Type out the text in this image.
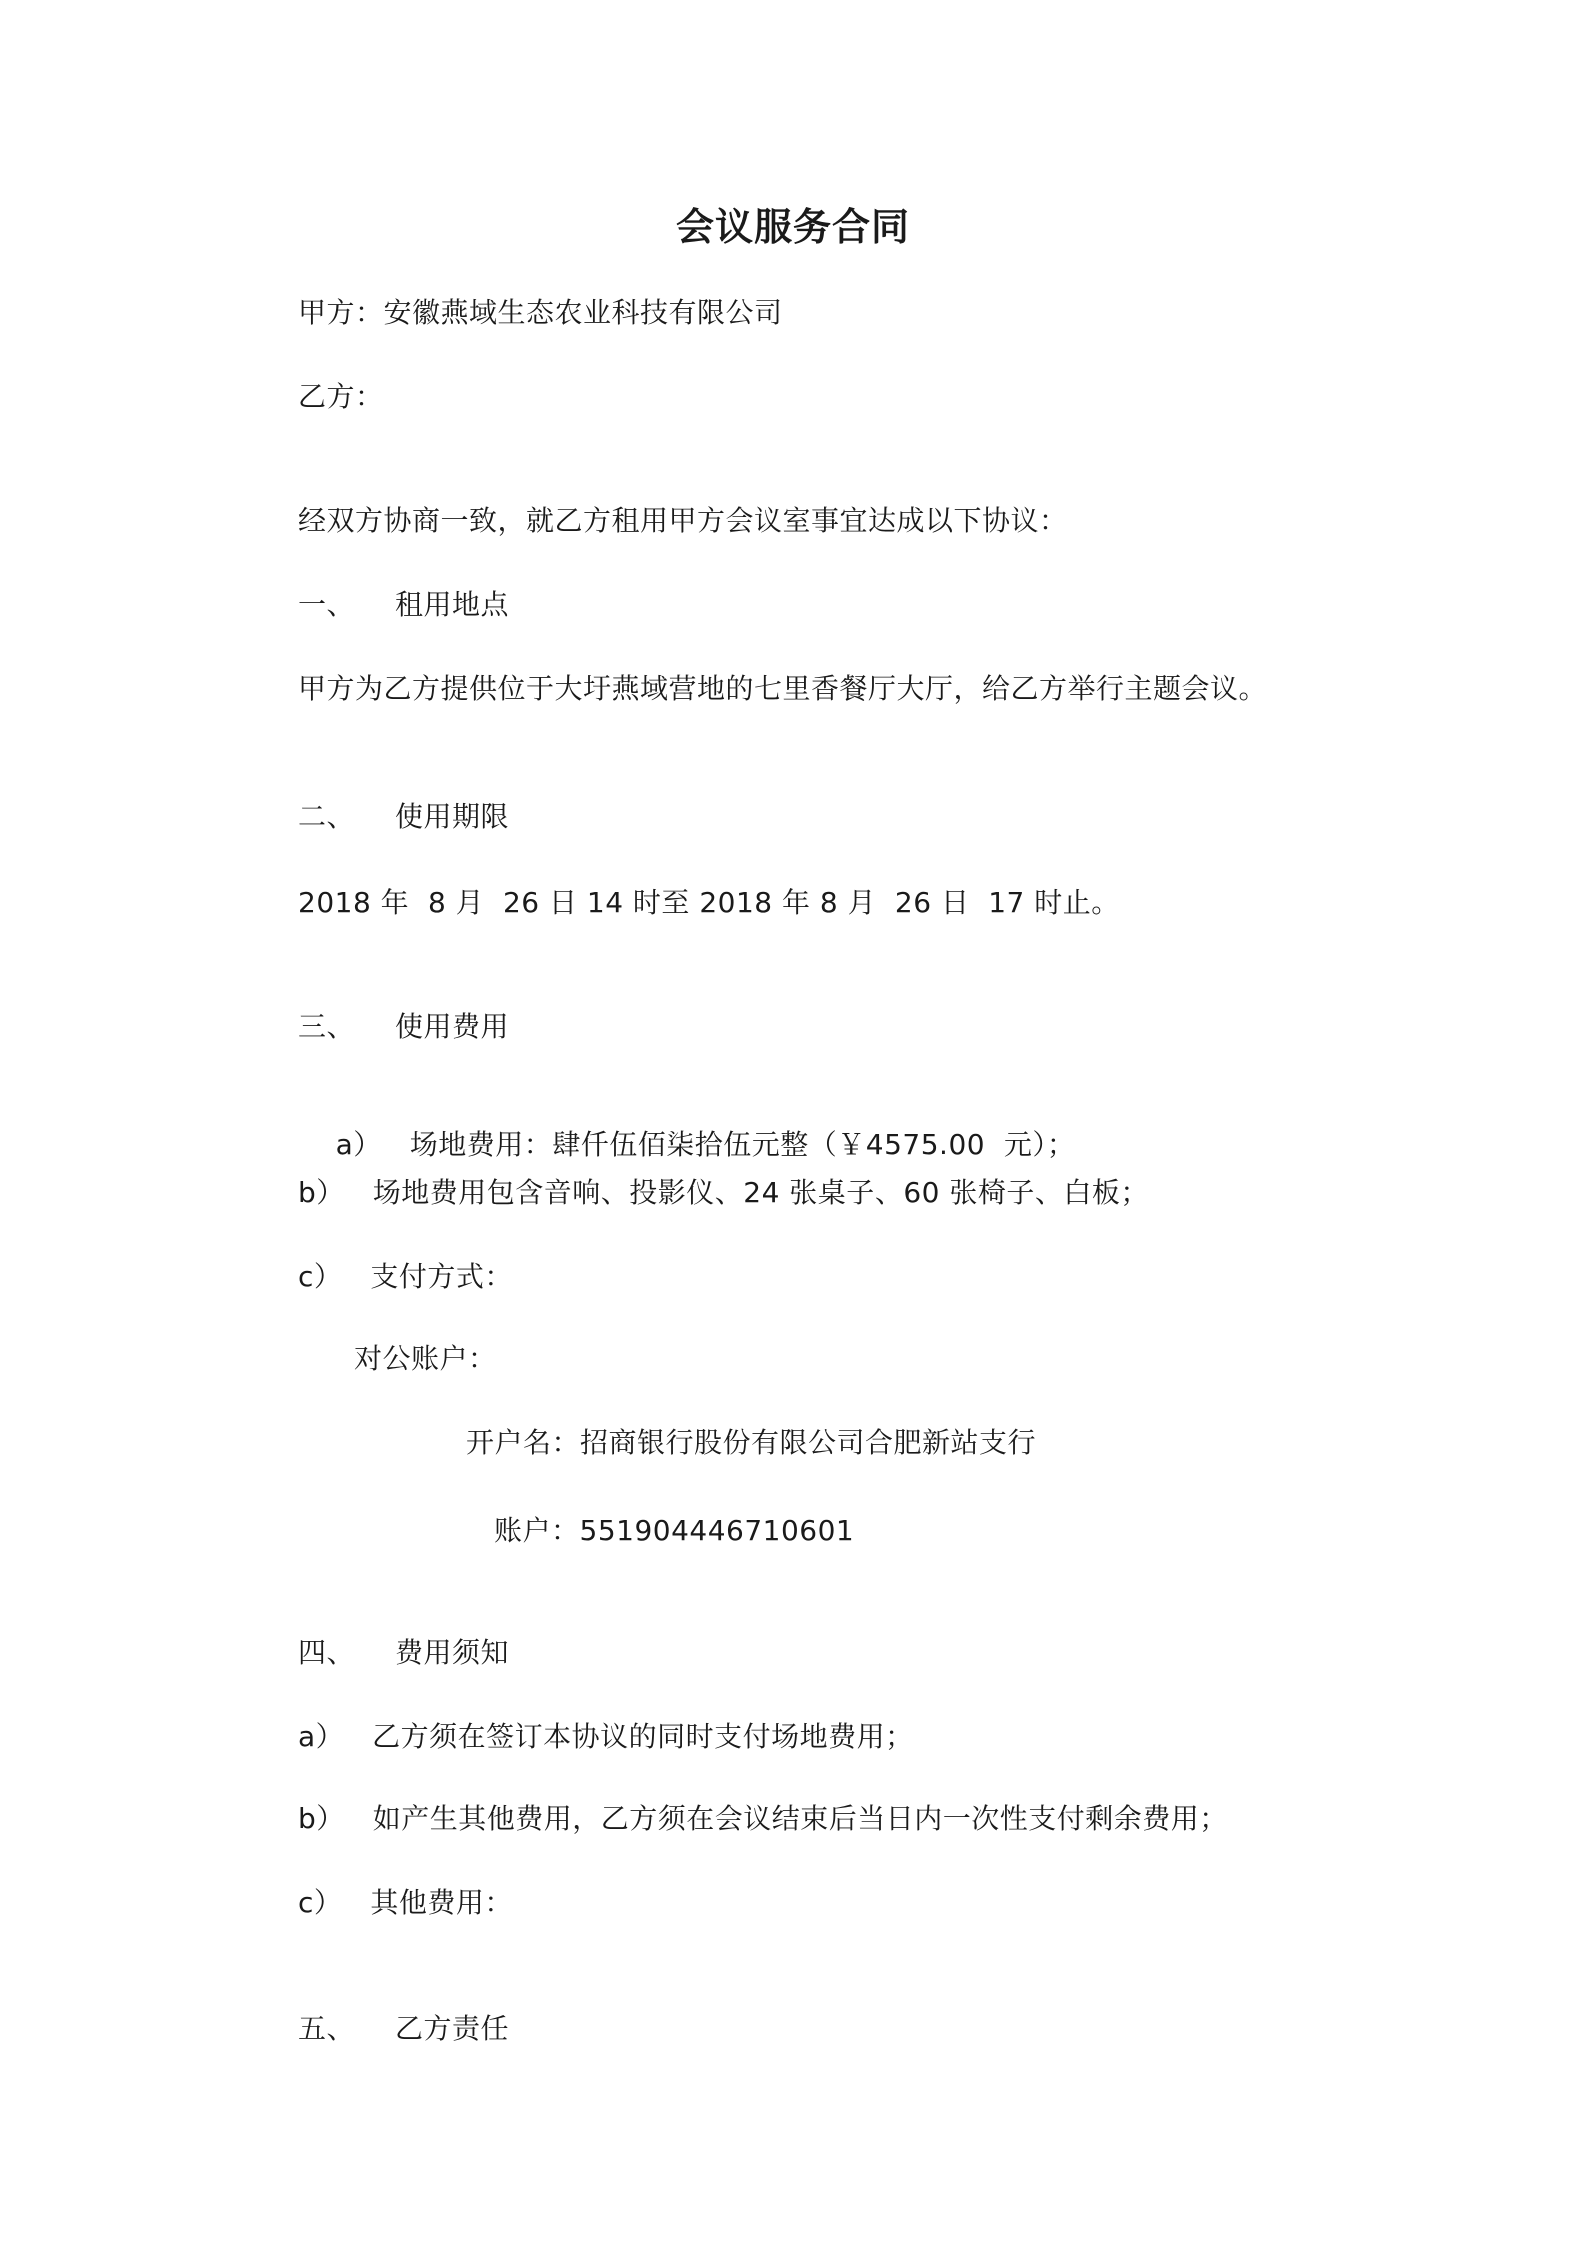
会议服务合同
甲方：安徽燕域生态农业科技有限公司
乙方：
经双方协商一致，就乙方租用甲方会议室事宜达成以下协议：
一、 租用地点
甲方为乙方提供位于大圩燕域营地的七里香餐厅大厅，给乙方举行主题会议。
二、 使用期限
2018 年  8 月  26 日 14 时至 2018 年 8 月  26 日  17 时止。
三、 使用费用

a） 场地费用：肆仟伍佰柒拾伍元整（￥4575.00  元）；

b） 场地费用包含音响、投影仪、24 张桌子、60 张椅子、白板；
c） 支付方式：
对公账户：
开户名：招商银行股份有限公司合肥新站支行
账户：551904446710601
四、 费用须知
a） 乙方须在签订本协议的同时支付场地费用；
b） 如产生其他费用，乙方须在会议结束后当日内一次性支付剩余费用；
c） 其他费用：
五、 乙方责任
